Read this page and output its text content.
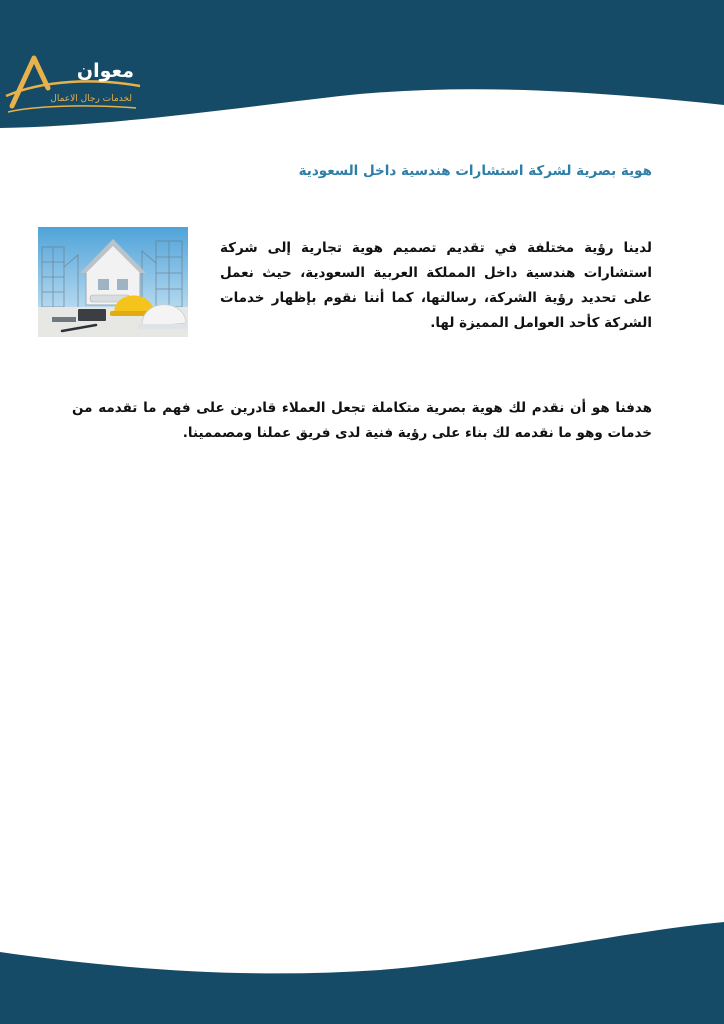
معوان
لخدمات رجال الاعمال
هوية بصرية لشركة استشارات هندسية داخل السعودية
لدينا رؤية مختلفة في تقديم تصميم هوية تجارية إلى شركة استشارات هندسية داخل المملكة العربية السعودية، حيث نعمل على تحديد رؤية الشركة، رسالتها، كما أننا نقوم بإظهار خدمات الشركة كأحد العوامل المميزة لها.
هدفنا هو أن نقدم لك هوية بصرية متكاملة تجعل العملاء قادرين على فهم ما تقدمه من خدمات وهو ما نقدمه لك بناء على رؤية فنية لدى فريق عملنا ومصممينا.
